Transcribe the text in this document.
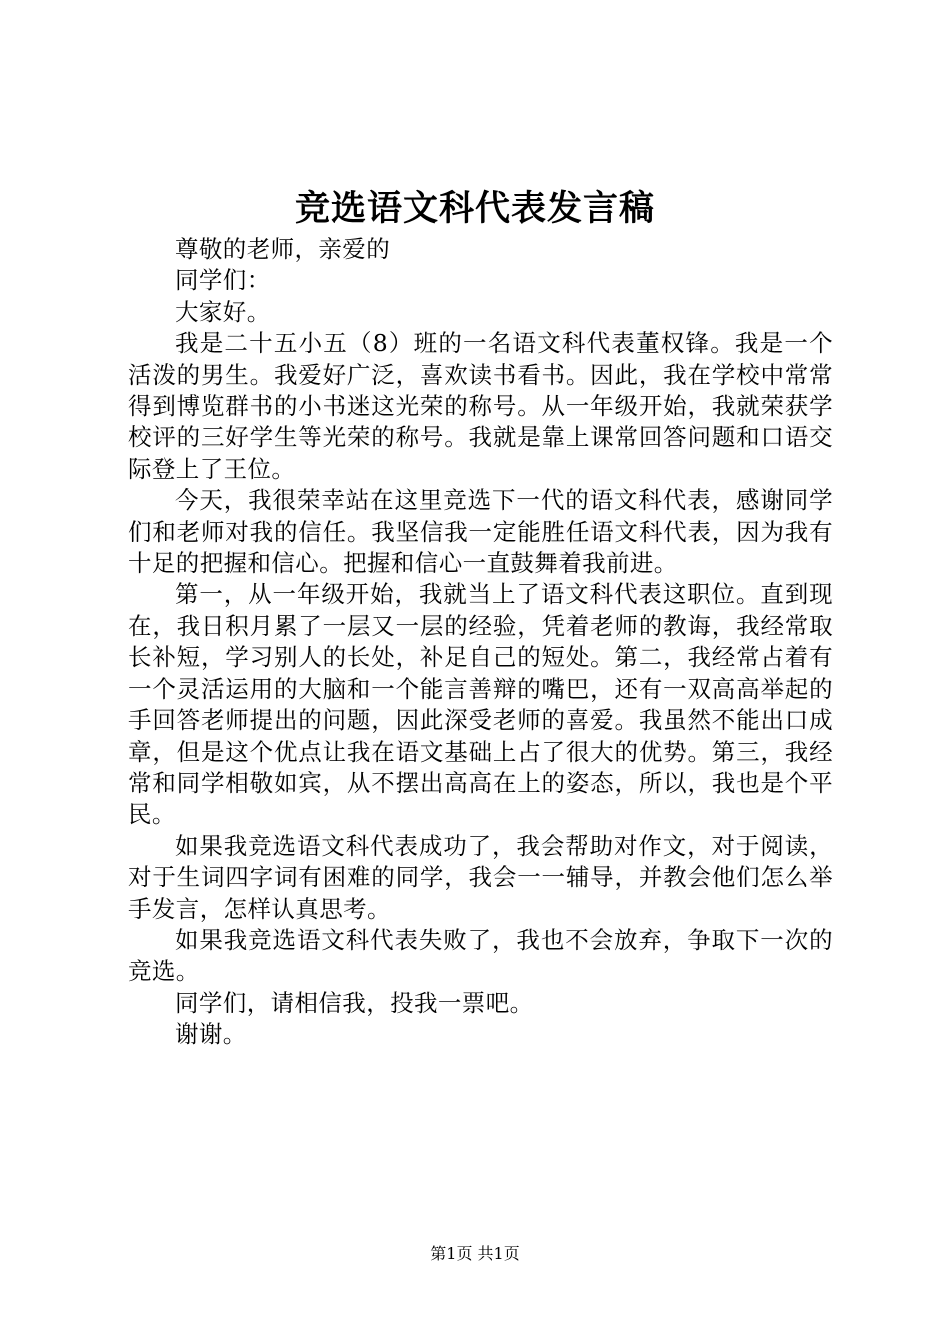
竞选语文科代表发言稿

尊敬的老师，亲爱的

同学们：

大家好。

我是二十五小五（8）班的一名语文科代表董权锋。我是一个活泼的男生。我爱好广泛，喜欢读书看书。因此，我在学校中常常得到博览群书的小书迷这光荣的称号。从一年级开始，我就荣获学校评的三好学生等光荣的称号。我就是靠上课常回答问题和口语交际登上了王位。

今天，我很荣幸站在这里竞选下一代的语文科代表，感谢同学们和老师对我的信任。我坚信我一定能胜任语文科代表，因为我有十足的把握和信心。把握和信心一直鼓舞着我前进。

第一，从一年级开始，我就当上了语文科代表这职位。直到现在，我日积月累了一层又一层的经验，凭着老师的教诲，我经常取长补短，学习别人的长处，补足自己的短处。第二，我经常占着有一个灵活运用的大脑和一个能言善辩的嘴巴，还有一双高高举起的手回答老师提出的问题，因此深受老师的喜爱。我虽然不能出口成章，但是这个优点让我在语文基础上占了很大的优势。第三，我经常和同学相敬如宾，从不摆出高高在上的姿态，所以，我也是个平民。

如果我竞选语文科代表成功了，我会帮助对作文，对于阅读，对于生词四字词有困难的同学，我会一一辅导，并教会他们怎么举手发言，怎样认真思考。

如果我竞选语文科代表失败了，我也不会放弃，争取下一次的竞选。

同学们，请相信我，投我一票吧。

谢谢。

第1页 共1页
